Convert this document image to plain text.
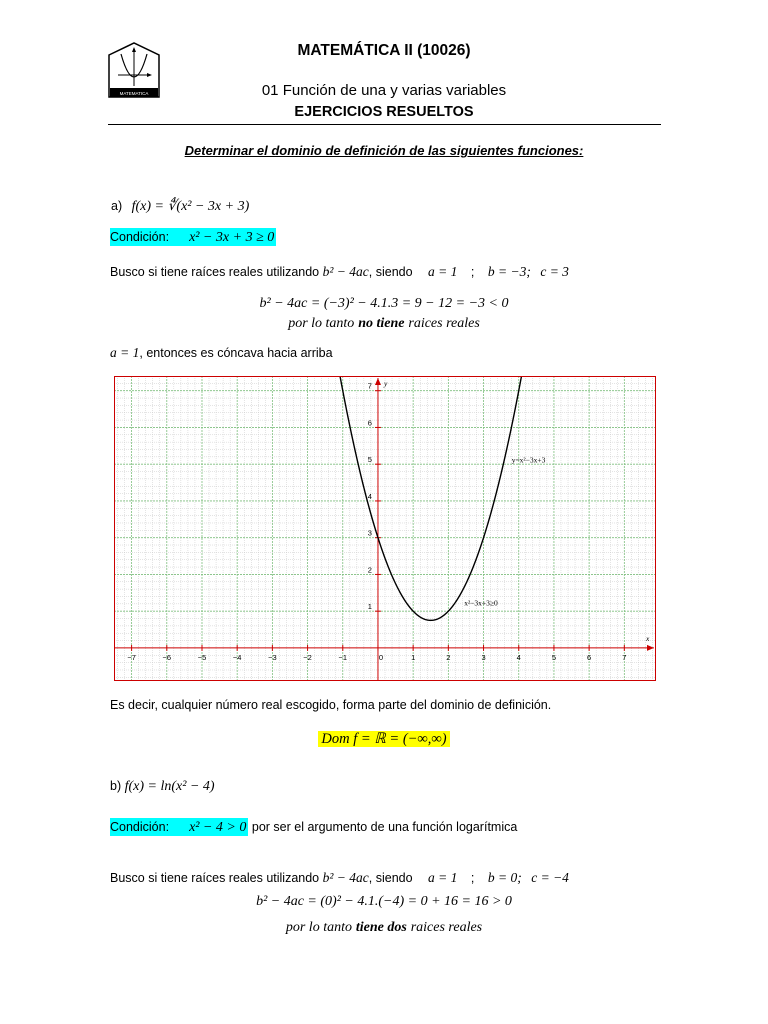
MATEMATICA
MATEMÁTICA II (10026)
01 Función de una y varias variables
EJERCICIOS RESUELTOS
Determinar el dominio de definición de las siguientes funciones:
a) f(x) = ∜(x² − 3x + 3)
Condición: x² − 3x + 3 ≥ 0
Busco si tiene raíces reales utilizando b² − 4ac, siendo a = 1 ; b = −3; c = 3
b² − 4ac = (−3)² − 4.1.3 = 9 − 12 = −3 < 0
por lo tanto no tiene raices reales
a = 1, entonces es cóncava hacia arriba
−7	−6	−5	−4	−3	−2	−1	0	1	2	3	4	5	6	7
1
2
3
4
5
6
7
x
y
y=x²−3x+3
x²−3x+3≥0
Es decir, cualquier número real escogido, forma parte del dominio de definición.
Dom f = ℝ = (−∞,∞)
b) f(x) = ln(x² − 4)
Condición: x² − 4 > 0 por ser el argumento de una función logarítmica
Busco si tiene raíces reales utilizando b² − 4ac, siendo a = 1 ; b = 0; c = −4
b² − 4ac = (0)² − 4.1.(−4) = 0 + 16 = 16 > 0
por lo tanto tiene dos raices reales
